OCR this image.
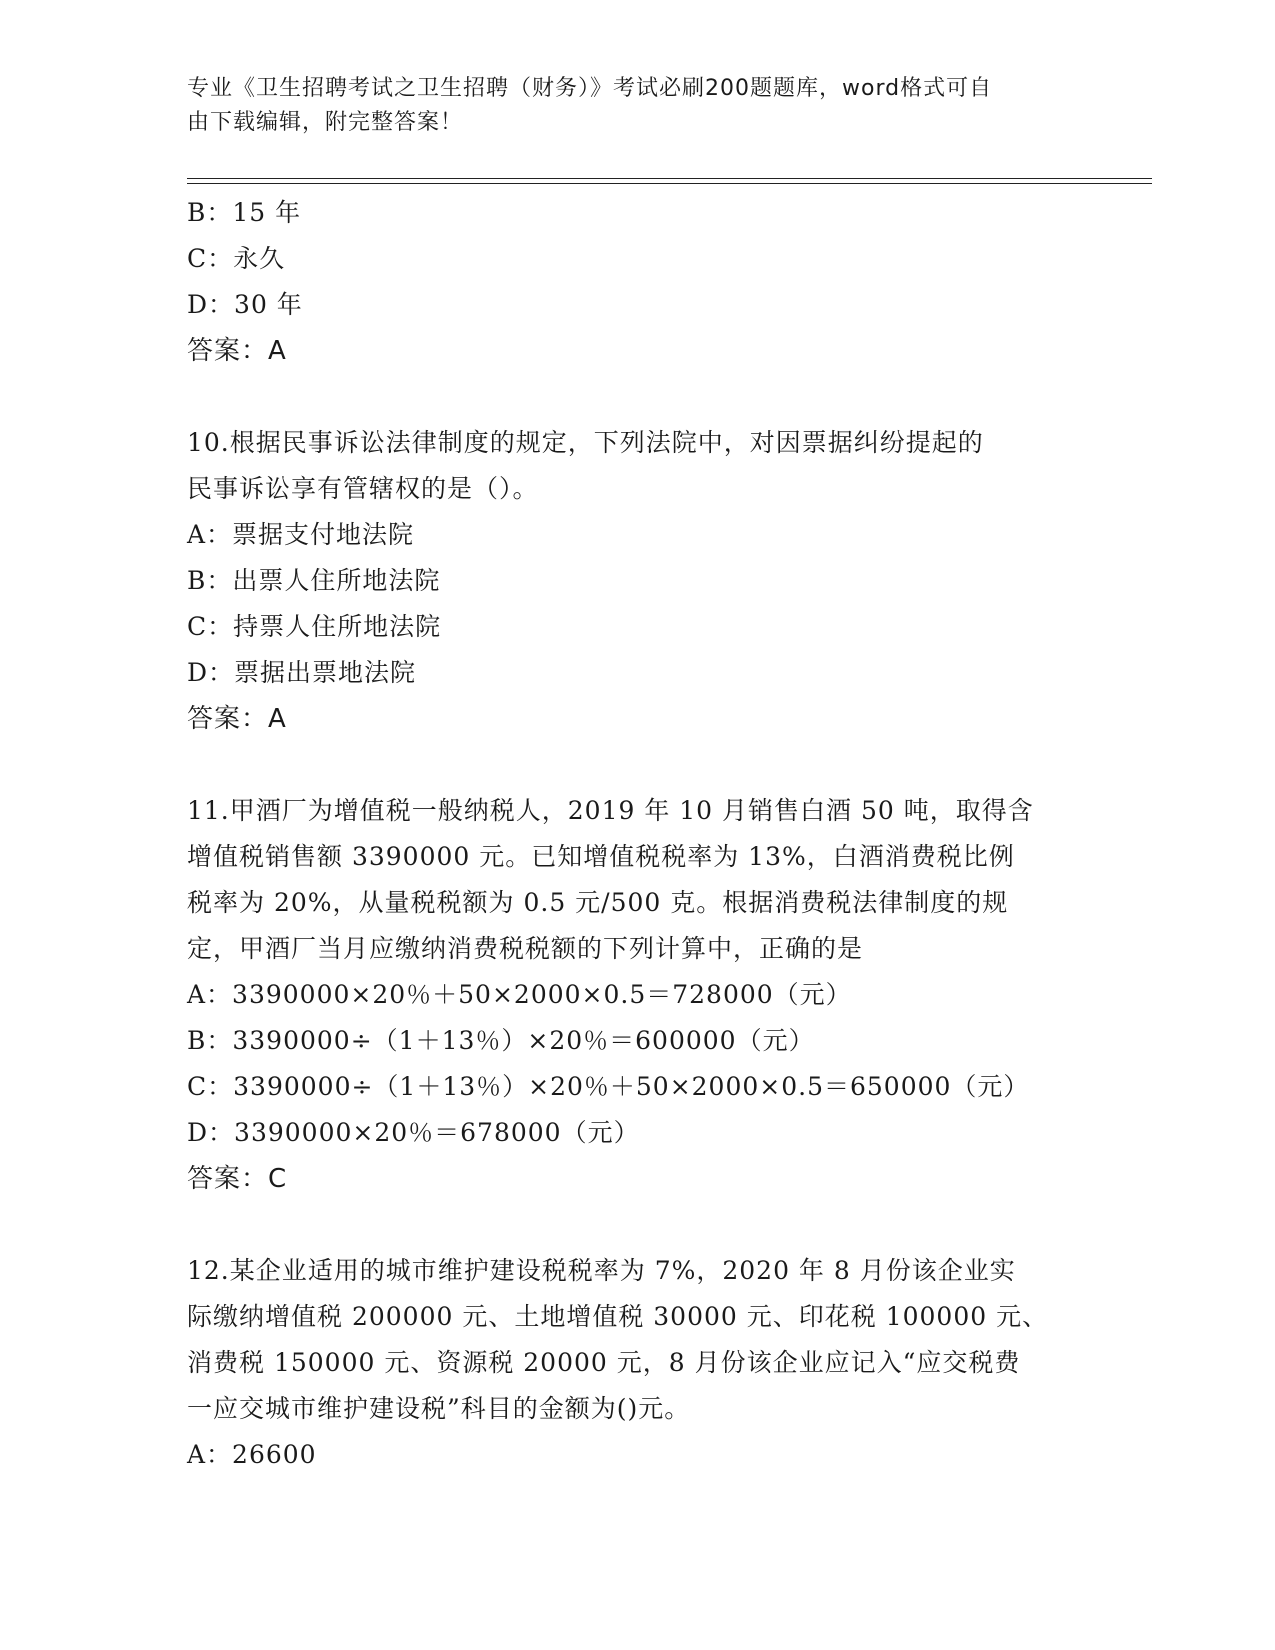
专业《卫生招聘考试之卫生招聘（财务）》考试必刷200题题库，word格式可自
由下载编辑，附完整答案！
B：15 年
C：永久
D：30 年
答案：A
10.根据民事诉讼法律制度的规定，下列法院中，对因票据纠纷提起的
民事诉讼享有管辖权的是（）。
A：票据支付地法院
B：出票人住所地法院
C：持票人住所地法院
D：票据出票地法院
答案：A
11.甲酒厂为增值税一般纳税人，2019 年 10 月销售白酒 50 吨，取得含
增值税销售额 3390000 元。已知增值税税率为 13%，白酒消费税比例
税率为 20%，从量税税额为 0.5 元/500 克。根据消费税法律制度的规
定，甲酒厂当月应缴纳消费税税额的下列计算中，正确的是
A：3390000×20％＋50×2000×0.5＝728000（元）
B：3390000÷（1＋13％）×20％＝600000（元）
C：3390000÷（1＋13％）×20％＋50×2000×0.5＝650000（元）
D：3390000×20％＝678000（元）
答案：C
12.某企业适用的城市维护建设税税率为 7%，2020 年 8 月份该企业实
际缴纳增值税 200000 元、土地增值税 30000 元、印花税 100000 元、
消费税 150000 元、资源税 20000 元，8 月份该企业应记入“应交税费
一应交城市维护建设税”科目的金额为()元。
A：26600
